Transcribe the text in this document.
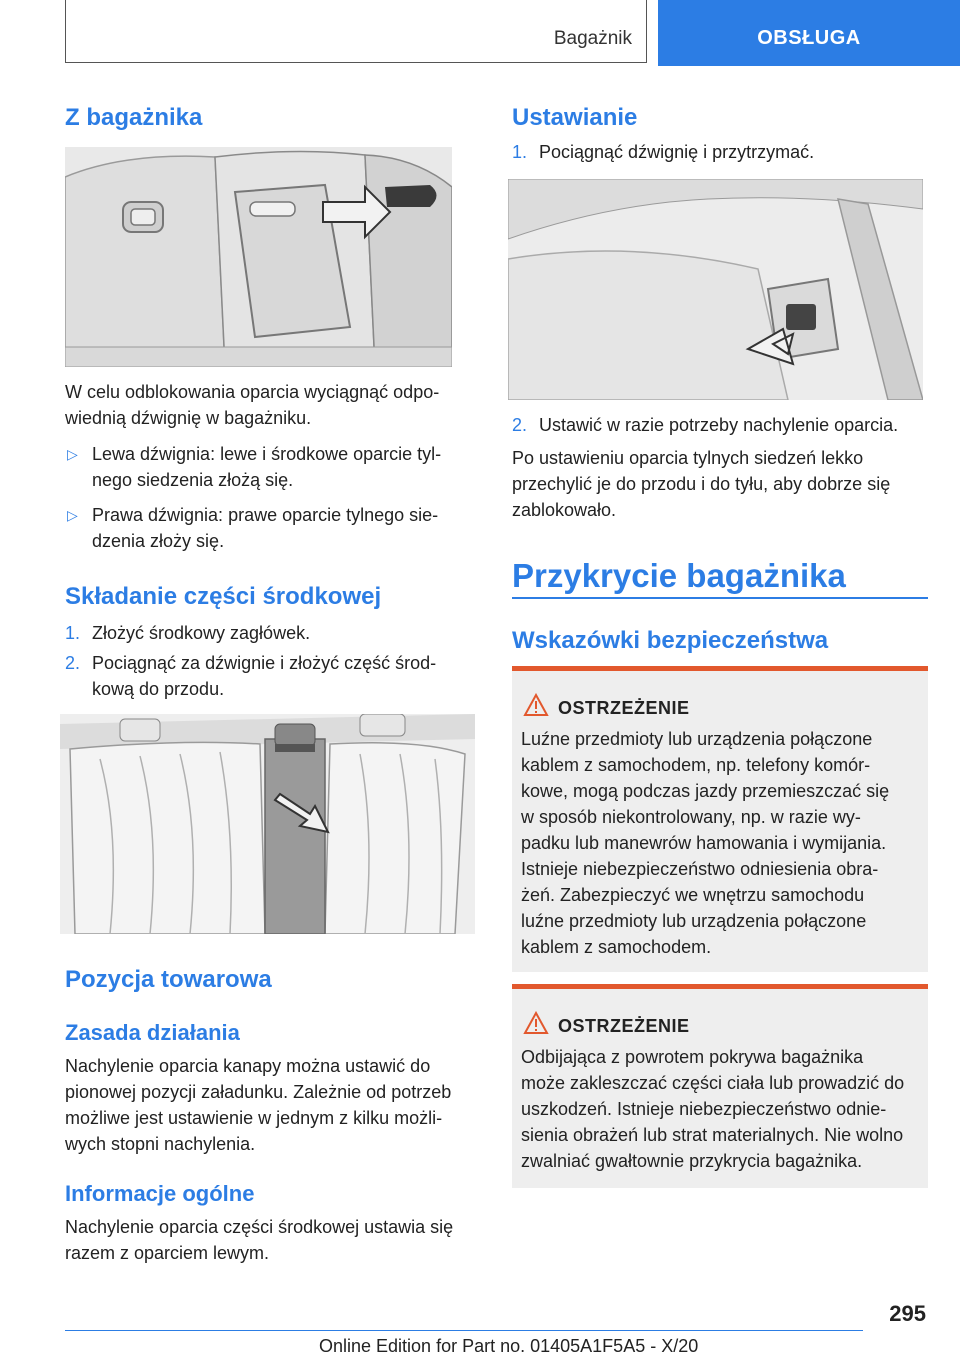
Bagażnik	OBSŁUGA
Z bagażnika

W celu odblokowania oparcia wyciągnąć odpo-
wiednią dźwignię w bagażniku.

▷ Lewa dźwignia: lewe i środkowe oparcie tyl-
nego siedzenia złożą się.
▷ Prawa dźwignia: prawe oparcie tylnego sie-
dzenia złoży się.
Składanie części środkowej
1. Złożyć środkowy zagłówek.
2. Pociągnąć za dźwignie i złożyć część środ-
kową do przodu.
Pozycja towarowa
Zasada działania

Nachylenie oparcia kanapy można ustawić do
pionowej pozycji załadunku. Zależnie od potrzeb
możliwe jest ustawienie w jednym z kilku możli-
wych stopni nachylenia.

Informacje ogólne

Nachylenie oparcia części środkowej ustawia się
razem z oparciem lewym.

Ustawianie
1. Pociągnąć dźwignię i przytrzymać.
2. Ustawić w razie potrzeby nachylenie oparcia.

Po ustawieniu oparcia tylnych siedzeń lekko
przechylić je do przodu i do tyłu, aby dobrze się
zablokowało.

Przykrycie bagażnika
Wskazówki bezpieczeństwa
OSTRZEŻENIE

Luźne przedmioty lub urządzenia połączone
kablem z samochodem, np. telefony komór-
kowe, mogą podczas jazdy przemieszczać się
w sposób niekontrolowany, np. w razie wy-
padku lub manewrów hamowania i wymijania.
Istnieje niebezpieczeństwo odniesienia obra-
żeń. Zabezpieczyć we wnętrzu samochodu
luźne przedmioty lub urządzenia połączone
kablem z samochodem.

OSTRZEŻENIE

Odbijająca z powrotem pokrywa bagażnika
może zakleszczać części ciała lub prowadzić do
uszkodzeń. Istnieje niebezpieczeństwo odnie-
sienia obrażeń lub strat materialnych. Nie wolno
zwalniać gwałtownie przykrycia bagażnika.

295
Online Edition for Part no. 01405A1F5A5 - X/20
